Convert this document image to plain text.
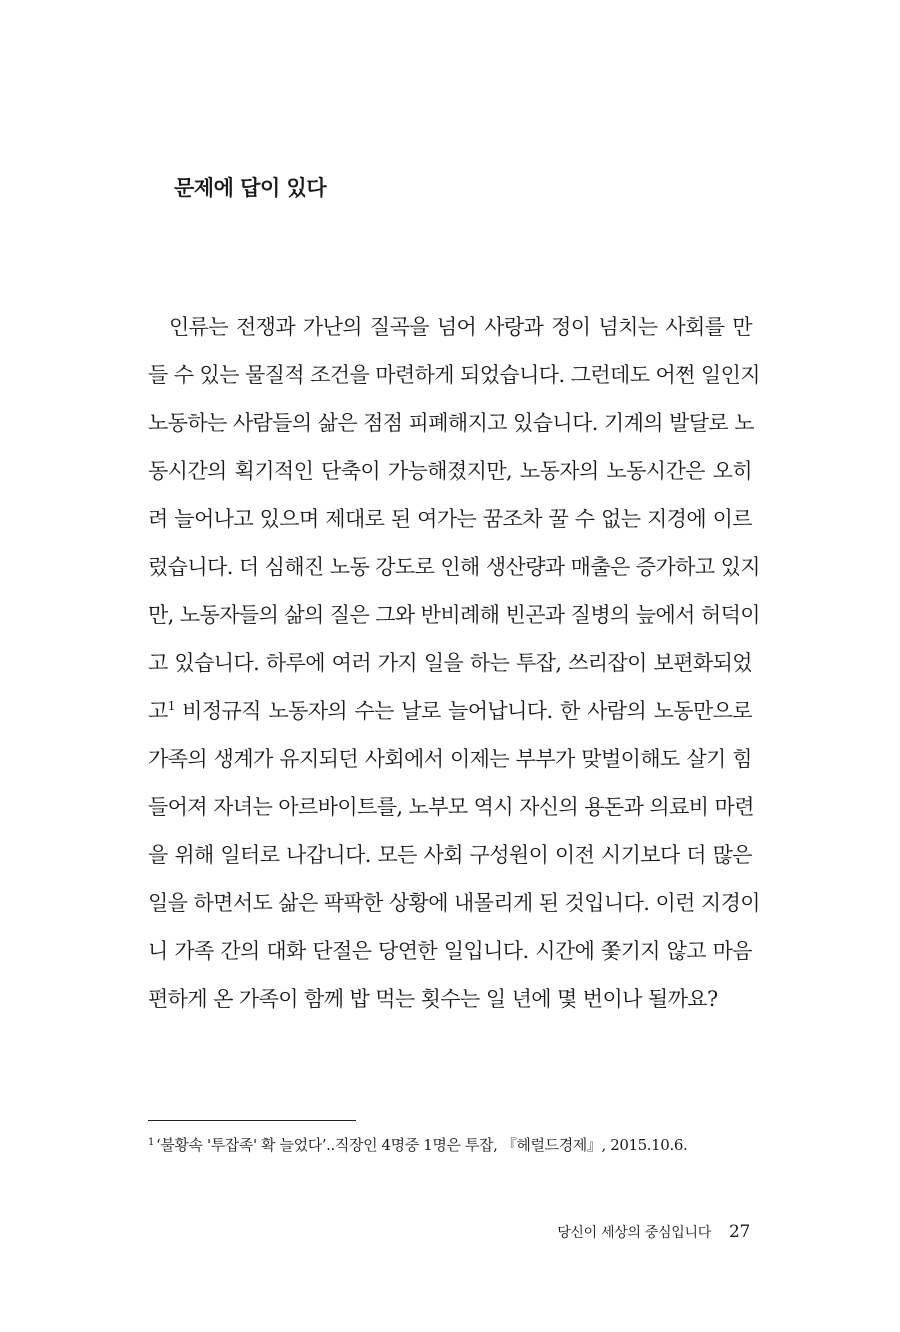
문제에 답이 있다
인류는 전쟁과 가난의 질곡을 넘어 사랑과 정이 넘치는 사회를 만
들 수 있는 물질적 조건을 마련하게 되었습니다. 그런데도 어쩐 일인지
노동하는 사람들의 삶은 점점 피폐해지고 있습니다. 기계의 발달로 노
동시간의 획기적인 단축이 가능해졌지만, 노동자의 노동시간은 오히
려 늘어나고 있으며 제대로 된 여가는 꿈조차 꿀 수 없는 지경에 이르
렀습니다. 더 심해진 노동 강도로 인해 생산량과 매출은 증가하고 있지
만, 노동자들의 삶의 질은 그와 반비례해 빈곤과 질병의 늪에서 허덕이
고 있습니다. 하루에 여러 가지 일을 하는 투잡, 쓰리잡이 보편화되었
고$^1$ 비정규직 노동자의 수는 날로 늘어납니다. 한 사람의 노동만으로
가족의 생계가 유지되던 사회에서 이제는 부부가 맞벌이해도 살기 힘
들어져 자녀는 아르바이트를, 노부모 역시 자신의 용돈과 의료비 마련
을 위해 일터로 나갑니다. 모든 사회 구성원이 이전 시기보다 더 많은
일을 하면서도 삶은 팍팍한 상황에 내몰리게 된 것입니다. 이런 지경이
니 가족 간의 대화 단절은 당연한 일입니다. 시간에 쫓기지 않고 마음
편하게 온 가족이 함께 밥 먹는 횟수는 일 년에 몇 번이나 될까요?

$^1$ ‘불황속 '투잡족' 확 늘었다’..직장인 4명중 1명은 투잡, 『헤럴드경제』, 2015.10.6.

당신이 세상의 중심입니다 27
